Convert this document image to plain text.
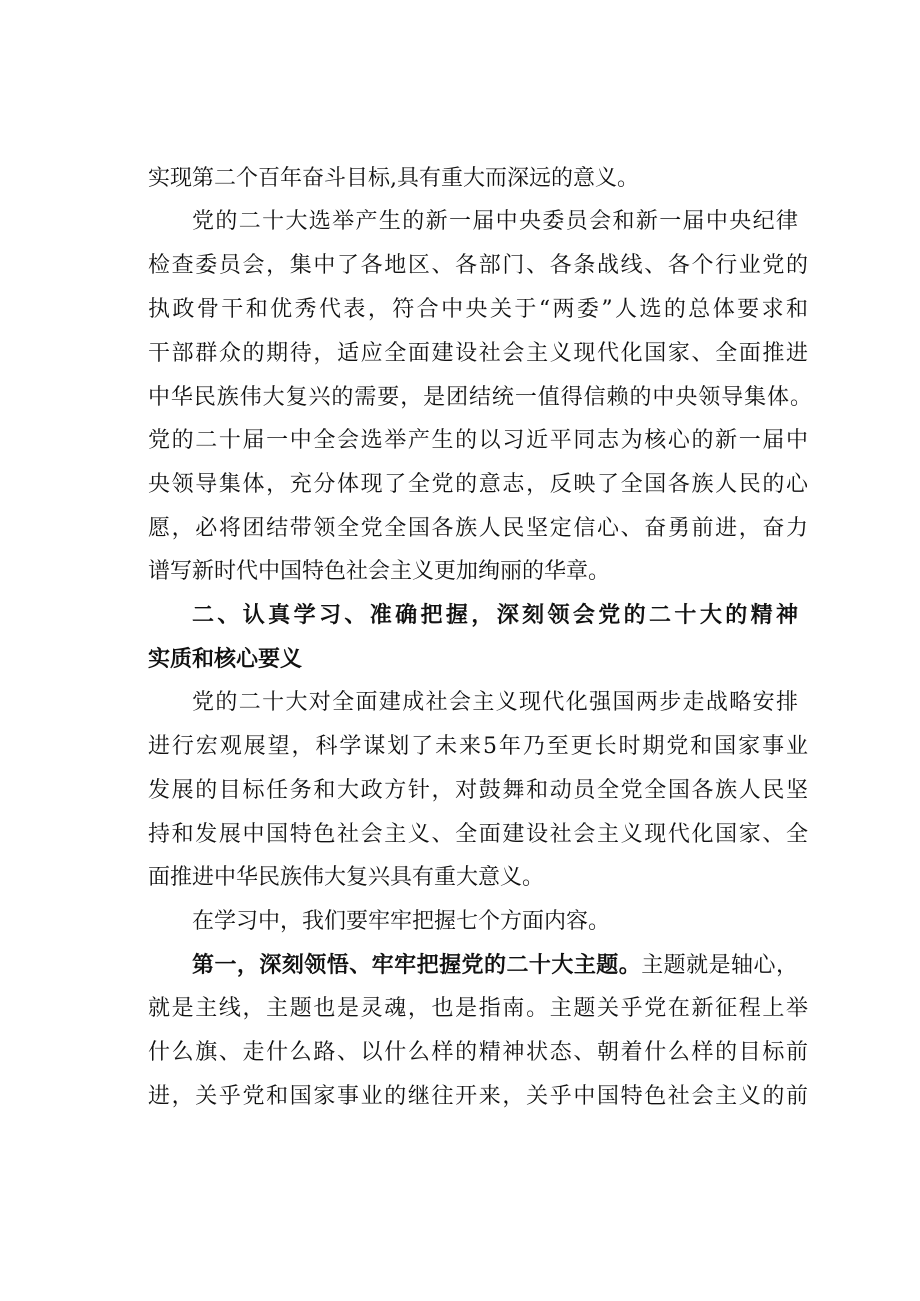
实现第二个百年奋斗目标,具有重大而深远的意义。
党的二十大选举产生的新一届中央委员会和新一届中央纪律
检查委员会，集中了各地区、各部门、各条战线、各个行业党的
执政骨干和优秀代表，符合中央关于“两委”人选的总体要求和
干部群众的期待，适应全面建设社会主义现代化国家、全面推进
中华民族伟大复兴的需要，是团结统一值得信赖的中央领导集体。
党的二十届一中全会选举产生的以习近平同志为核心的新一届中
央领导集体，充分体现了全党的意志，反映了全国各族人民的心
愿，必将团结带领全党全国各族人民坚定信心、奋勇前进，奋力
谱写新时代中国特色社会主义更加绚丽的华章。
二、认真学习、准确把握，深刻领会党的二十大的精神
实质和核心要义
党的二十大对全面建成社会主义现代化强国两步走战略安排
进行宏观展望，科学谋划了未来5年乃至更长时期党和国家事业
发展的目标任务和大政方针，对鼓舞和动员全党全国各族人民坚
持和发展中国特色社会主义、全面建设社会主义现代化国家、全
面推进中华民族伟大复兴具有重大意义。
在学习中，我们要牢牢把握七个方面内容。
第一，深刻领悟、牢牢把握党的二十大主题。主题就是轴心，
就是主线，主题也是灵魂，也是指南。主题关乎党在新征程上举
什么旗、走什么路、以什么样的精神状态、朝着什么样的目标前
进，关乎党和国家事业的继往开来，关乎中国特色社会主义的前
